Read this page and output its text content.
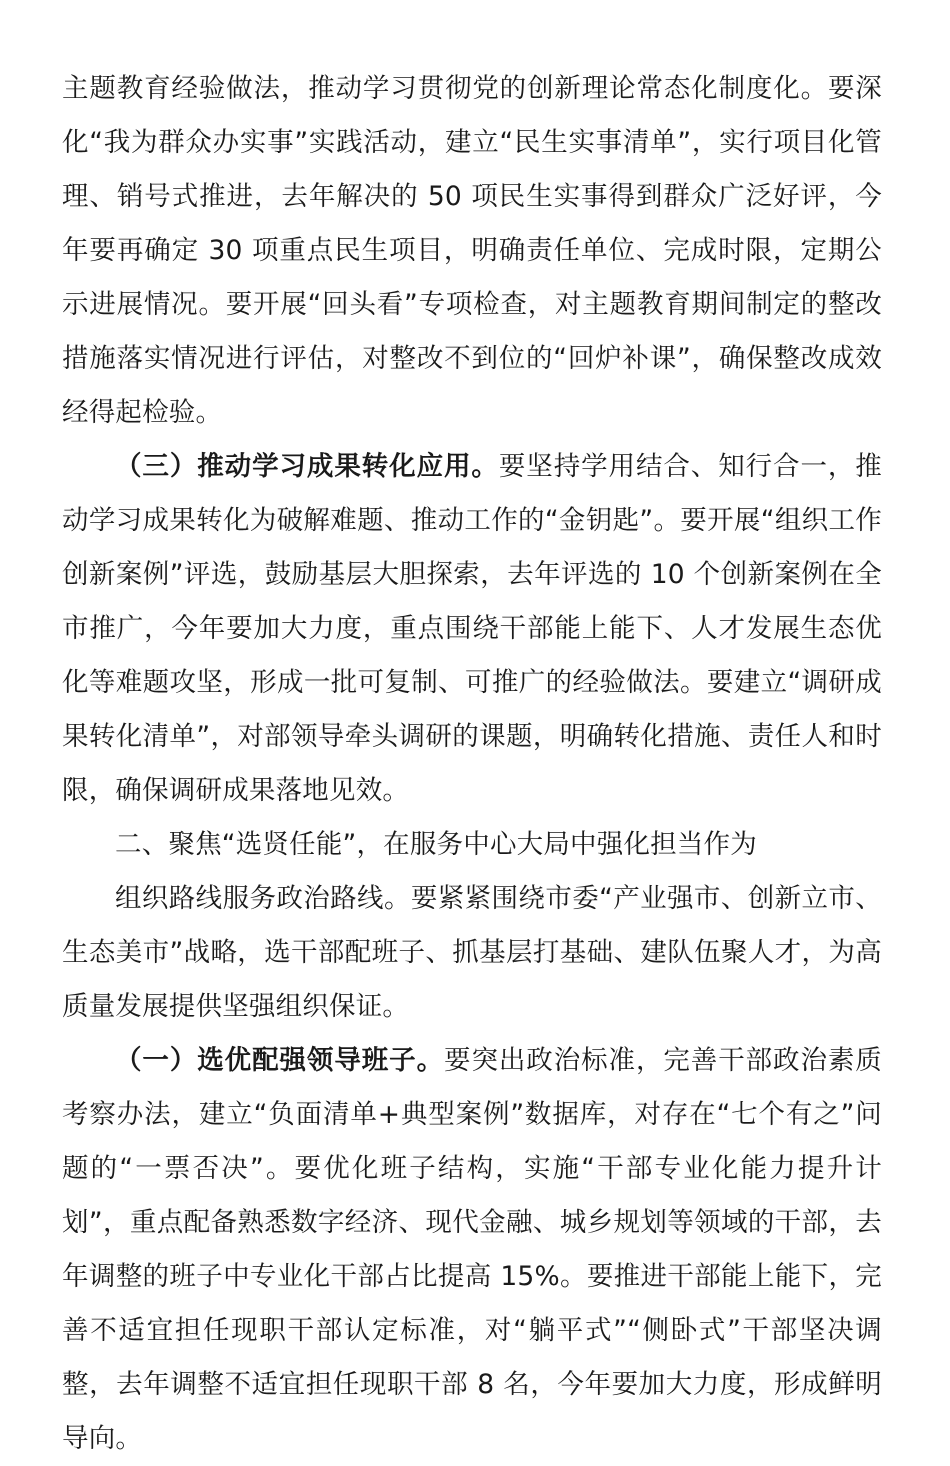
主题教育经验做法，推动学习贯彻党的创新理论常态化制度化。要深化“我为群众办实事”实践活动，建立“民生实事清单”，实行项目化管理、销号式推进，去年解决的 50 项民生实事得到群众广泛好评，今年要再确定 30 项重点民生项目，明确责任单位、完成时限，定期公示进展情况。要开展“回头看”专项检查，对主题教育期间制定的整改措施落实情况进行评估，对整改不到位的“回炉补课”，确保整改成效经得起检验。

（三）推动学习成果转化应用。要坚持学用结合、知行合一，推动学习成果转化为破解难题、推动工作的“金钥匙”。要开展“组织工作创新案例”评选，鼓励基层大胆探索，去年评选的 10 个创新案例在全市推广，今年要加大力度，重点围绕干部能上能下、人才发展生态优化等难题攻坚，形成一批可复制、可推广的经验做法。要建立“调研成果转化清单”，对部领导牵头调研的课题，明确转化措施、责任人和时限，确保调研成果落地见效。

二、聚焦“选贤任能”，在服务中心大局中强化担当作为

组织路线服务政治路线。要紧紧围绕市委“产业强市、创新立市、生态美市”战略，选干部配班子、抓基层打基础、建队伍聚人才，为高质量发展提供坚强组织保证。

（一）选优配强领导班子。要突出政治标准，完善干部政治素质考察办法，建立“负面清单+典型案例”数据库，对存在“七个有之”问题的“一票否决”。要优化班子结构，实施“干部专业化能力提升计划”，重点配备熟悉数字经济、现代金融、城乡规划等领域的干部，去年调整的班子中专业化干部占比提高 15%。要推进干部能上能下，完善不适宜担任现职干部认定标准，对“躺平式”“侧卧式”干部坚决调整，去年调整不适宜担任现职干部 8 名，今年要加大力度，形成鲜明导向。
